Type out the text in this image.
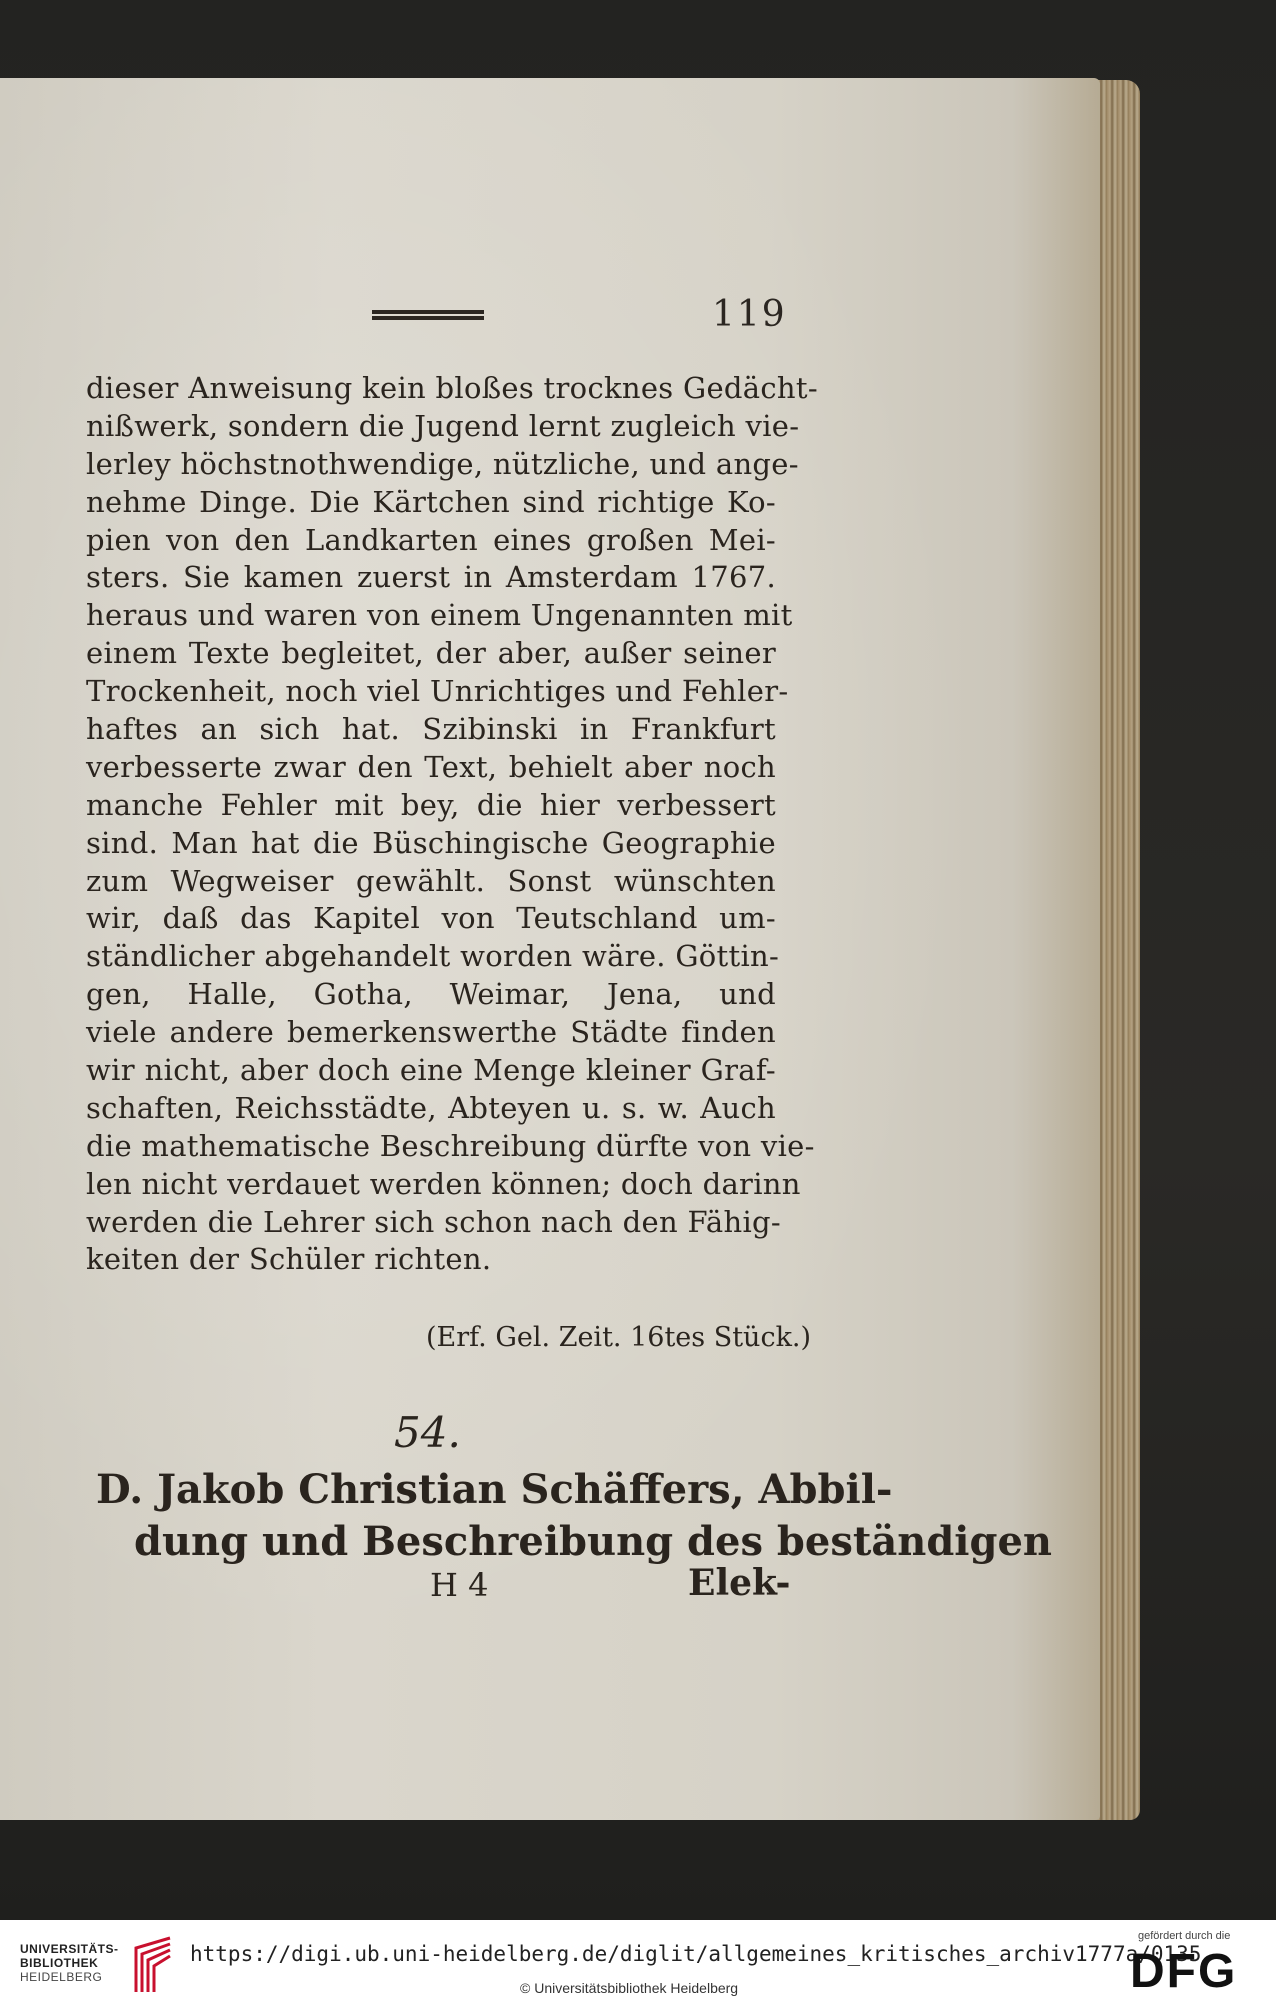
119
dieser Anweisung kein bloßes trocknes Gedächt-
nißwerk, sondern die Jugend lernt zugleich vie-
lerley höchstnothwendige, nützliche, und ange-
nehme Dinge. Die Kärtchen sind richtige Ko-
pien von den Landkarten eines großen Mei-
sters. Sie kamen zuerst in Amsterdam 1767.
heraus und waren von einem Ungenannten mit
einem Texte begleitet, der aber, außer seiner
Trockenheit, noch viel Unrichtiges und Fehler-
haftes an sich hat. Szibinski in Frankfurt
verbesserte zwar den Text, behielt aber noch
manche Fehler mit bey, die hier verbessert
sind. Man hat die Büschingische Geographie
zum Wegweiser gewählt. Sonst wünschten
wir, daß das Kapitel von Teutschland um-
ständlicher abgehandelt worden wäre. Göttin-
gen, Halle, Gotha, Weimar, Jena, und
viele andere bemerkenswerthe Städte finden
wir nicht, aber doch eine Menge kleiner Graf-
schaften, Reichsstädte, Abteyen u. s. w. Auch
die mathematische Beschreibung dürfte von vie-
len nicht verdauet werden können; doch darinn
werden die Lehrer sich schon nach den Fähig-
keiten der Schüler richten.
(Erf. Gel. Zeit. 16tes Stück.)
54.
D. Jakob Christian Schäffers, Abbil-
dung und Beschreibung des beständigen
H 4	Elek-
UNIVERSITÄTS-
BIBLIOTHEK
HEIDELBERG
https://digi.ub.uni-heidelberg.de/diglit/allgemeines_kritisches_archiv1777a/0135
© Universitätsbibliothek Heidelberg
gefördert durch die
DFG
